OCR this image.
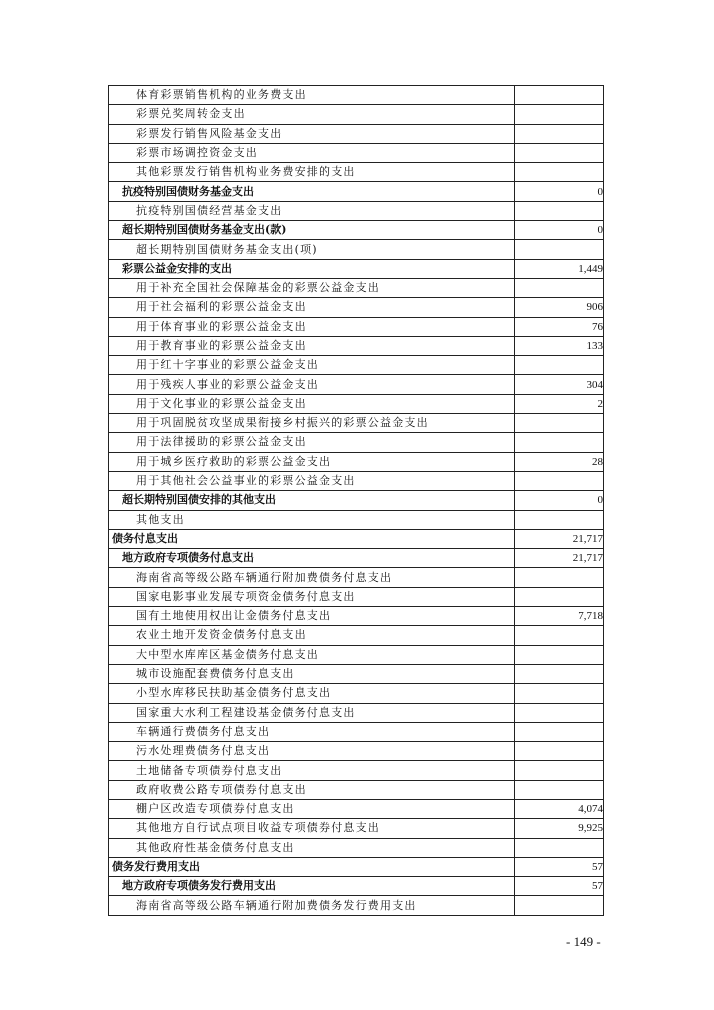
体育彩票销售机构的业务费支出	
彩票兑奖周转金支出	
彩票发行销售风险基金支出	
彩票市场调控资金支出	
其他彩票发行销售机构业务费安排的支出	
抗疫特别国债财务基金支出	0
抗疫特别国债经营基金支出	
超长期特别国债财务基金支出(款)	0
超长期特别国债财务基金支出(项)	
彩票公益金安排的支出	1,449
用于补充全国社会保障基金的彩票公益金支出	
用于社会福利的彩票公益金支出	906
用于体育事业的彩票公益金支出	76
用于教育事业的彩票公益金支出	133
用于红十字事业的彩票公益金支出	
用于残疾人事业的彩票公益金支出	304
用于文化事业的彩票公益金支出	2
用于巩固脱贫攻坚成果衔接乡村振兴的彩票公益金支出	
用于法律援助的彩票公益金支出	
用于城乡医疗救助的彩票公益金支出	28
用于其他社会公益事业的彩票公益金支出	
超长期特别国债安排的其他支出	0
其他支出	
债务付息支出	21,717
地方政府专项债务付息支出	21,717
海南省高等级公路车辆通行附加费债务付息支出	
国家电影事业发展专项资金债务付息支出	
国有土地使用权出让金债务付息支出	7,718
农业土地开发资金债务付息支出	
大中型水库库区基金债务付息支出	
城市设施配套费债务付息支出	
小型水库移民扶助基金债务付息支出	
国家重大水利工程建设基金债务付息支出	
车辆通行费债务付息支出	
污水处理费债务付息支出	
土地储备专项债券付息支出	
政府收费公路专项债券付息支出	
棚户区改造专项债券付息支出	4,074
其他地方自行试点项目收益专项债券付息支出	9,925
其他政府性基金债务付息支出	
债务发行费用支出	57
地方政府专项债务发行费用支出	57
海南省高等级公路车辆通行附加费债务发行费用支出	
- 149 -
